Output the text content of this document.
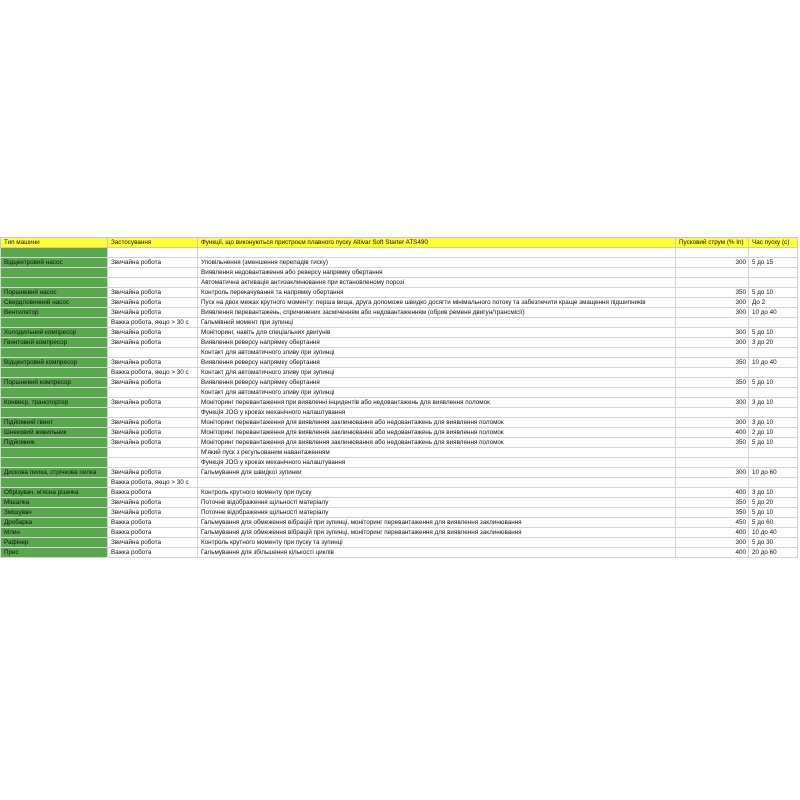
Тип машини	Застосування	Функції, що виконуються пристроєм плавного пуску Altivar Soft Starter ATS490	Пусковий струм (% In)	Час пуску (с)

Відцентровий насос	Звичайна робота	Уповільнення (зменшення перепадів тиску)	300	5 до 15
		Виявлення недовантаження або реверсу напрямку обертання		
		Автоматична активація антизаклинювання при встановленому порозі		
Поршневий насос	Звичайна робота	Контроль перекачування та напрямку обертання	350	5 до 10
Свердловинний насос	Звичайна робота	Пуск на двох межах крутного моменту: перша вища, друга допоможе швидко досягти мінімального потоку та забезпечити краще змащення підшипників	300	До 2
Вентилятор	Звичайна робота	Виявлення перевантажень, спричинених засміченням або недовантаженням (обрив ременя двигун/трансмісії)	300	10 до 40
	Важка робота, якщо > 30 с	Гальмівний момент при зупинці		
Холодильний компресор	Звичайна робота	Моніторинг, навіть для спеціальних двигунів	300	5 до 10
Гвинтовий компресор	Звичайна робота	Виявлення реверсу напрямку обертання	300	3 до 20
		Контакт для автоматичного зливу при зупинці		
Відцентровий компресор	Звичайна робота	Виявлення реверсу напрямку обертання	350	10 до 40
	Важка робота, якщо > 30 с	Контакт для автоматичного зливу при зупинці		
Поршневий компресор	Звичайна робота	Виявлення реверсу напрямку обертання	350	5 до 10
		Контакт для автоматичного зливу при зупинці		
Конвеєр, транспортер	Звичайна робота	Моніторинг перевантаження при виявленні інцидентів або недовантажень для виявлення поломок	300	3 до 10
		Функція JOG у кроках механічного налаштування		
Підйомний гвинт	Звичайна робота	Моніторинг перевантаження для виявлення заклинювання або недовантажень для виявлення поломок	300	3 до 10
Шнековий живильник	Звичайна робота	Моніторинг перевантаження для виявлення заклинювання або недовантажень для виявлення поломок	400	2 до 10
Підйомник	Звичайна робота	Моніторинг перевантаження для виявлення заклинювання або недовантажень для виявлення поломок	350	5 до 10
		М'який пуск з регульованим навантаженням		
		Функція JOG у кроках механічного налаштування		
Дискова пилка, стрічкова пилка	Звичайна робота	Гальмування для швидкої зупинки	300	10 до 60
	Важка робота, якщо > 30 с			
Обрізувач, м'ясна різачка	Важка робота	Контроль крутного моменту при пуску	400	3 до 10
Мішалка	Звичайна робота	Поточне відображення щільності матеріалу	350	5 до 20
Змішувач	Звичайна робота	Поточне відображення щільності матеріалу	350	5 до 10
Дробарка	Важка робота	Гальмування для обмеження вібрацій при зупинці, моніторинг перевантаження для виявлення заклинювання	450	5 до 60
Млин	Важка робота	Гальмування для обмеження вібрацій при зупинці, моніторинг перевантаження для виявлення заклинювання	400	10 до 40
Рафінер	Звичайна робота	Контроль крутного моменту при пуску та зупинці	300	5 до 30
Прес	Важка робота	Гальмування для збільшення кількості циклів	400	20 до 60
